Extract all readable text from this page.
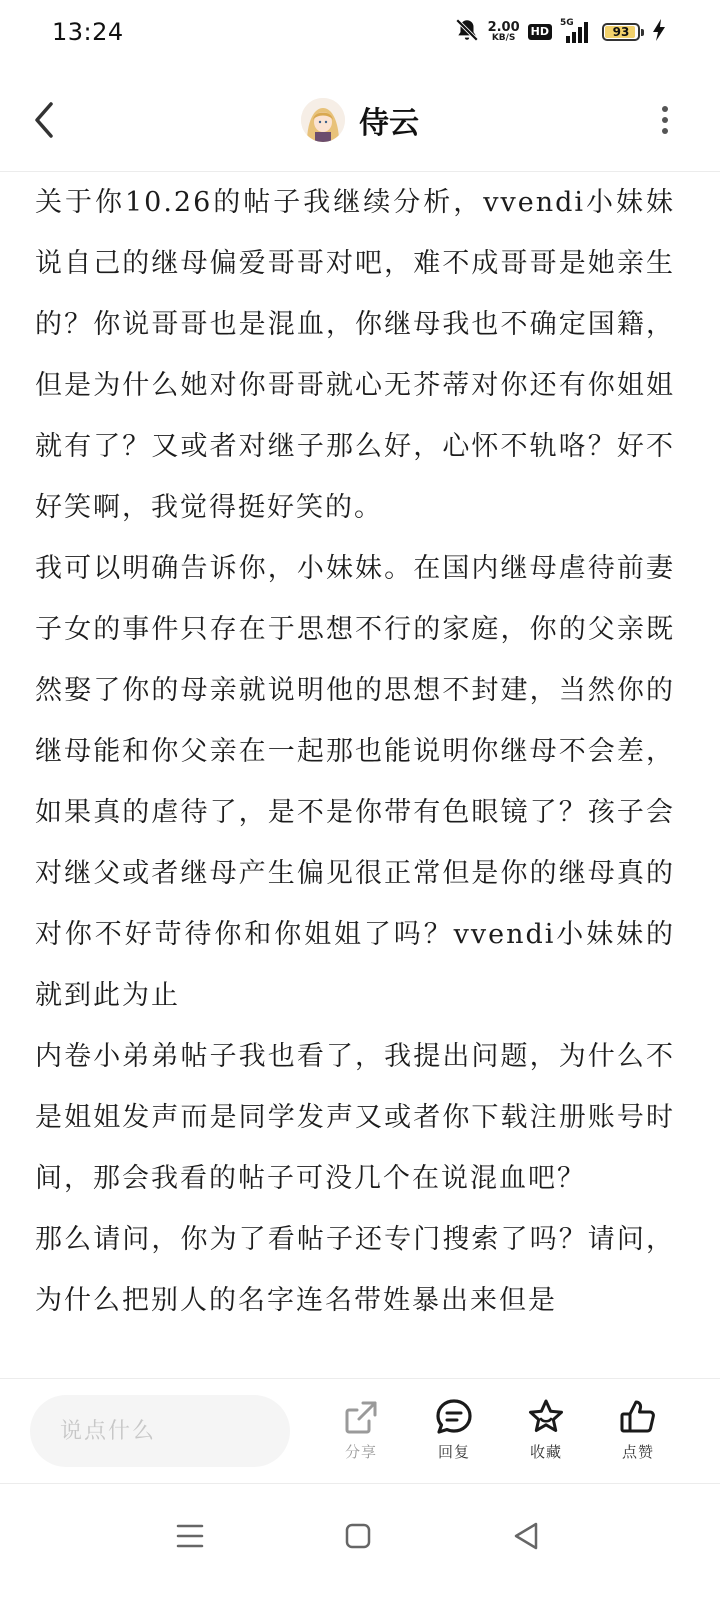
13:24	2.00
KB/S HD
5G
93
侍云

关于你10.26的帖子我继续分析，vvendi小妹妹说自己的继母偏爱哥哥对吧，难不成哥哥是她亲生的？你说哥哥也是混血，你继母我也不确定国籍，但是为什么她对你哥哥就心无芥蒂对你还有你姐姐就有了？又或者对继子那么好，心怀不轨咯？好不好笑啊，我觉得挺好笑的。

我可以明确告诉你，小妹妹。在国内继母虐待前妻子女的事件只存在于思想不行的家庭，你的父亲既然娶了你的母亲就说明他的思想不封建，当然你的继母能和你父亲在一起那也能说明你继母不会差，如果真的虐待了，是不是你带有色眼镜了？孩子会对继父或者继母产生偏见很正常但是你的继母真的对你不好苛待你和你姐姐了吗？vvendi小妹妹的就到此为止

内卷小弟弟帖子我也看了，我提出问题，为什么不是姐姐发声而是同学发声又或者你下载注册账号时间，那会我看的帖子可没几个在说混血吧？

那么请问，你为了看帖子还专门搜索了吗？请问，为什么把别人的名字连名带姓暴出来但是

说点什么
分享	回复	收藏	点赞
